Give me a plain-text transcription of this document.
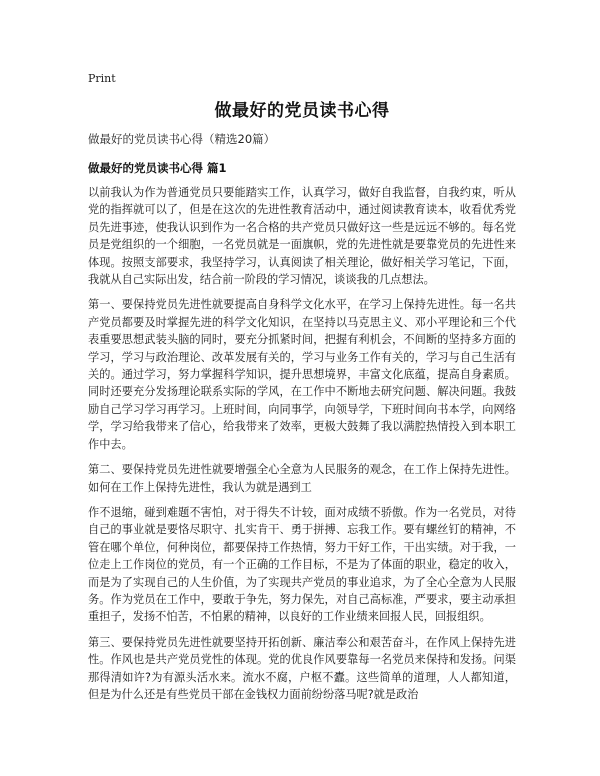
Print
做最好的党员读书心得
做最好的党员读书心得（精选20篇）
做最好的党员读书心得 篇1

以前我认为作为普通党员只要能踏实工作，认真学习，做好自我监督，自我约束，听从党的指挥就可以了，但是在这次的先进性教育活动中，通过阅读教育读本，收看优秀党员先进事迹，使我认识到作为一名合格的共产党员只做好这一些是远远不够的。每名党员是党组织的一个细胞，一名党员就是一面旗帜，党的先进性就是要靠党员的先进性来体现。按照支部要求，我坚持学习，认真阅读了相关理论，做好相关学习笔记，下面，我就从自己实际出发，结合前一阶段的学习情况，谈谈我的几点想法。

第一、要保持党员先进性就要提高自身科学文化水平，在学习上保持先进性。每一名共产党员都要及时掌握先进的科学文化知识，在坚持以马克思主义、邓小平理论和三个代表重要思想武装头脑的同时，要充分抓紧时间，把握有利机会，不间断的坚持多方面的学习，学习与政治理论、改革发展有关的，学习与业务工作有关的，学习与自己生活有关的。通过学习，努力掌握科学知识，提升思想境界，丰富文化底蕴，提高自身素质。同时还要充分发扬理论联系实际的学风，在工作中不断地去研究问题、解决问题。我鼓励自己学习学习再学习。上班时间，向同事学，向领导学，下班时间向书本学，向网络学，学习给我带来了信心，给我带来了效率，更极大鼓舞了我以满腔热情投入到本职工作中去。

第二、要保持党员先进性就要增强全心全意为人民服务的观念，在工作上保持先进性。如何在工作上保持先进性，我认为就是遇到工

作不退缩，碰到难题不害怕，对于得失不计较，面对成绩不骄傲。作为一名党员，对待自己的事业就是要恪尽职守、扎实肯干、勇于拼搏、忘我工作。要有螺丝钉的精神，不管在哪个单位，何种岗位，都要保持工作热情，努力干好工作，干出实绩。对于我，一位走上工作岗位的党员，有一个正确的工作目标，不是为了体面的职业，稳定的收入，而是为了实现自己的人生价值，为了实现共产党员的事业追求，为了全心全意为人民服务。作为党员在工作中，要敢于争先，努力保先，对自己高标准，严要求，要主动承担重担子，发扬不怕苦，不怕累的精神，以良好的工作业绩来回报人民，回报组织。

第三、要保持党员先进性就要坚持开拓创新、廉洁奉公和艰苦奋斗，在作风上保持先进性。作风也是共产党员党性的体现。党的优良作风要靠每一名党员来保持和发扬。问渠那得清如许?为有源头活水来。流水不腐，户枢不蠹。这些简单的道理，人人都知道，但是为什么还是有些党员干部在金钱权力面前纷纷落马呢?就是政治
